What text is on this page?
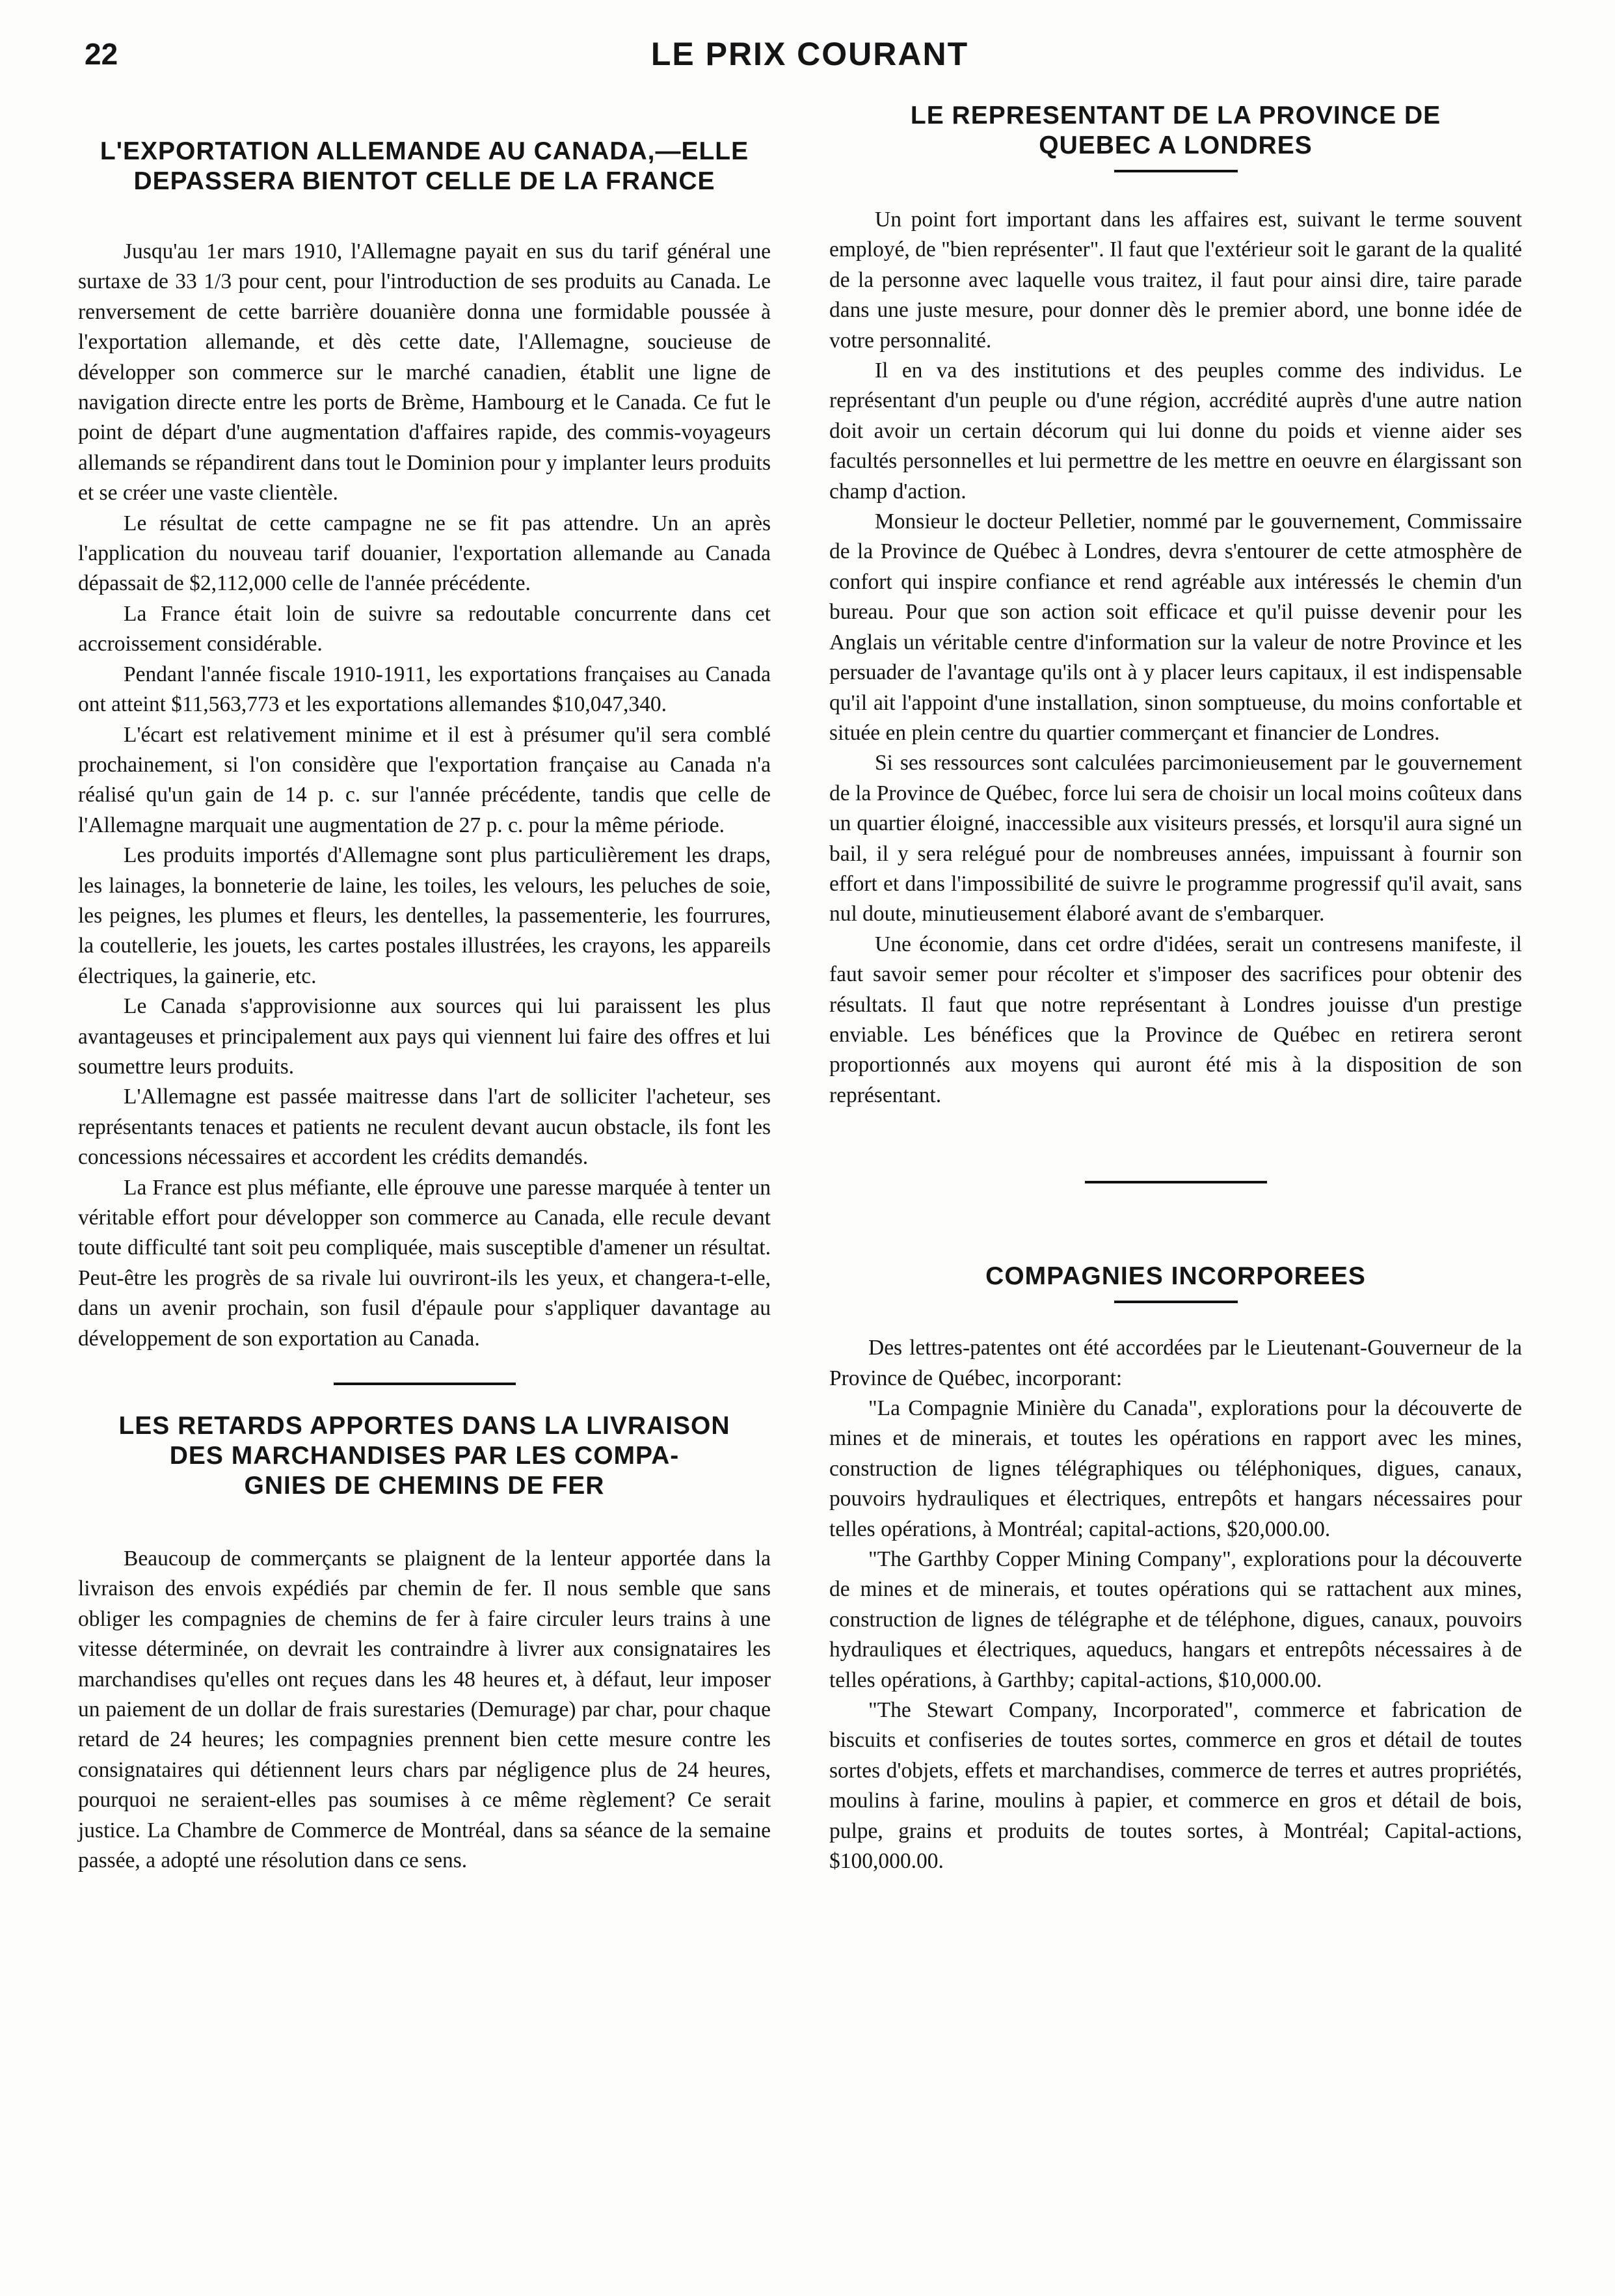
22	LE PRIX COURANT
L'EXPORTATION ALLEMANDE AU CANADA,—ELLE
DEPASSERA BIENTOT CELLE DE LA FRANCE

Jusqu'au 1er mars 1910, l'Allemagne payait en sus du tarif général une surtaxe de 33 1/3 pour cent, pour l'introduction de ses produits au Canada. Le renversement de cette barrière douanière donna une formidable poussée à l'exportation allemande, et dès cette date, l'Allemagne, soucieuse de développer son commerce sur le marché canadien, établit une ligne de navigation directe entre les ports de Brème, Hambourg et le Canada. Ce fut le point de départ d'une augmentation d'affaires rapide, des commis-voyageurs allemands se répandirent dans tout le Dominion pour y implanter leurs produits et se créer une vaste clientèle.

Le résultat de cette campagne ne se fit pas attendre. Un an après l'application du nouveau tarif douanier, l'exportation allemande au Canada dépassait de $2,112,000 celle de l'année précédente.

La France était loin de suivre sa redoutable concurrente dans cet accroissement considérable.

Pendant l'année fiscale 1910-1911, les exportations françaises au Canada ont atteint $11,563,773 et les exportations allemandes $10,047,340.

L'écart est relativement minime et il est à présumer qu'il sera comblé prochainement, si l'on considère que l'exportation française au Canada n'a réalisé qu'un gain de 14 p. c. sur l'année précédente, tandis que celle de l'Allemagne marquait une augmentation de 27 p. c. pour la même période.

Les produits importés d'Allemagne sont plus particulièrement les draps, les lainages, la bonneterie de laine, les toiles, les velours, les peluches de soie, les peignes, les plumes et fleurs, les dentelles, la passementerie, les fourrures, la coutellerie, les jouets, les cartes postales illustrées, les crayons, les appareils électriques, la gainerie, etc.

Le Canada s'approvisionne aux sources qui lui paraissent les plus avantageuses et principalement aux pays qui viennent lui faire des offres et lui soumettre leurs produits.

L'Allemagne est passée maitresse dans l'art de solliciter l'acheteur, ses représentants tenaces et patients ne reculent devant aucun obstacle, ils font les concessions nécessaires et accordent les crédits demandés.

La France est plus méfiante, elle éprouve une paresse marquée à tenter un véritable effort pour développer son commerce au Canada, elle recule devant toute difficulté tant soit peu compliquée, mais susceptible d'amener un résultat. Peut-être les progrès de sa rivale lui ouvriront-ils les yeux, et changera-t-elle, dans un avenir prochain, son fusil d'épaule pour s'appliquer davantage au développement de son exportation au Canada.

LES RETARDS APPORTES DANS LA LIVRAISON
DES MARCHANDISES PAR LES COMPA-
GNIES DE CHEMINS DE FER

Beaucoup de commerçants se plaignent de la lenteur apportée dans la livraison des envois expédiés par chemin de fer. Il nous semble que sans obliger les compagnies de chemins de fer à faire circuler leurs trains à une vitesse déterminée, on devrait les contraindre à livrer aux consignataires les marchandises qu'elles ont reçues dans les 48 heures et, à défaut, leur imposer un paiement de un dollar de frais surestaries (Demurage) par char, pour chaque retard de 24 heures; les compagnies prennent bien cette mesure contre les consignataires qui détiennent leurs chars par négligence plus de 24 heures, pourquoi ne seraient-elles pas soumises à ce même règlement? Ce serait justice. La Chambre de Commerce de Montréal, dans sa séance de la semaine passée, a adopté une résolution dans ce sens.

LE REPRESENTANT DE LA PROVINCE DE
QUEBEC A LONDRES

Un point fort important dans les affaires est, suivant le terme souvent employé, de "bien représenter". Il faut que l'extérieur soit le garant de la qualité de la personne avec laquelle vous traitez, il faut pour ainsi dire, taire parade dans une juste mesure, pour donner dès le premier abord, une bonne idée de votre personnalité.

Il en va des institutions et des peuples comme des individus. Le représentant d'un peuple ou d'une région, accrédité auprès d'une autre nation doit avoir un certain décorum qui lui donne du poids et vienne aider ses facultés personnelles et lui permettre de les mettre en oeuvre en élargissant son champ d'action.

Monsieur le docteur Pelletier, nommé par le gouvernement, Commissaire de la Province de Québec à Londres, devra s'entourer de cette atmosphère de confort qui inspire confiance et rend agréable aux intéressés le chemin d'un bureau. Pour que son action soit efficace et qu'il puisse devenir pour les Anglais un véritable centre d'information sur la valeur de notre Province et les persuader de l'avantage qu'ils ont à y placer leurs capitaux, il est indispensable qu'il ait l'appoint d'une installation, sinon somptueuse, du moins confortable et située en plein centre du quartier commerçant et financier de Londres.

Si ses ressources sont calculées parcimonieusement par le gouvernement de la Province de Québec, force lui sera de choisir un local moins coûteux dans un quartier éloigné, inaccessible aux visiteurs pressés, et lorsqu'il aura signé un bail, il y sera relégué pour de nombreuses années, impuissant à fournir son effort et dans l'impossibilité de suivre le programme progressif qu'il avait, sans nul doute, minutieusement élaboré avant de s'embarquer.

Une économie, dans cet ordre d'idées, serait un contresens manifeste, il faut savoir semer pour récolter et s'imposer des sacrifices pour obtenir des résultats. Il faut que notre représentant à Londres jouisse d'un prestige enviable. Les bénéfices que la Province de Québec en retirera seront proportionnés aux moyens qui auront été mis à la disposition de son représentant.

COMPAGNIES INCORPOREES

Des lettres-patentes ont été accordées par le Lieutenant-Gouverneur de la Province de Québec, incorporant:

"La Compagnie Minière du Canada", explorations pour la découverte de mines et de minerais, et toutes les opérations en rapport avec les mines, construction de lignes télégraphiques ou téléphoniques, digues, canaux, pouvoirs hydrauliques et électriques, entrepôts et hangars nécessaires pour telles opérations, à Montréal; capital-actions, $20,000.00.

"The Garthby Copper Mining Company", explorations pour la découverte de mines et de minerais, et toutes opérations qui se rattachent aux mines, construction de lignes de télégraphe et de téléphone, digues, canaux, pouvoirs hydrauliques et électriques, aqueducs, hangars et entrepôts nécessaires à de telles opérations, à Garthby; capital-actions, $10,000.00.

"The Stewart Company, Incorporated", commerce et fabrication de biscuits et confiseries de toutes sortes, commerce en gros et détail de toutes sortes d'objets, effets et marchandises, commerce de terres et autres propriétés, moulins à farine, moulins à papier, et commerce en gros et détail de bois, pulpe, grains et produits de toutes sortes, à Montréal; Capital-actions, $100,000.00.
